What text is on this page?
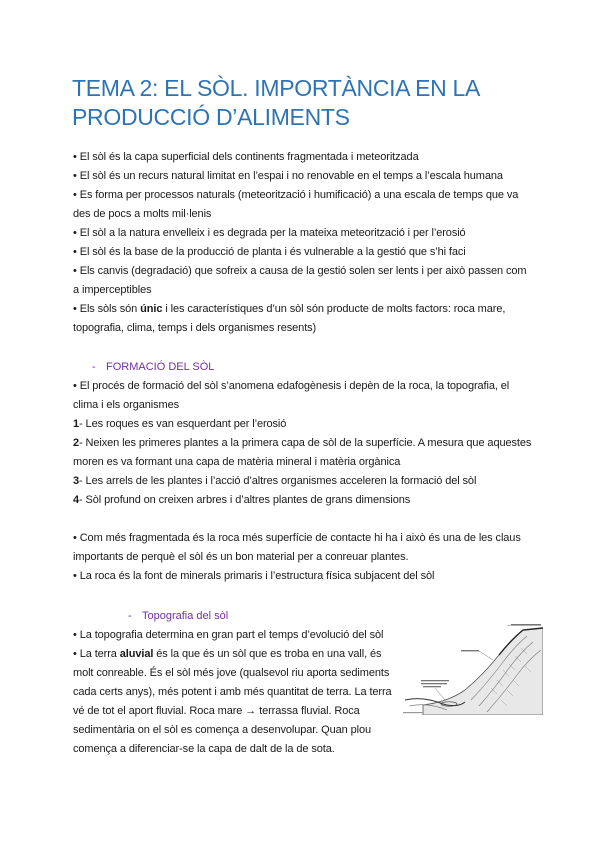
TEMA 2: EL SÒL. IMPORTÀNCIA EN LA PRODUCCIÓ D’ALIMENTS

• El sòl és la capa superficial dels continents fragmentada i meteoritzada

• El sòl és un recurs natural limitat en l’espai i no renovable en el temps a l’escala humana

• Es forma per processos naturals (meteorització i humificació) a una escala de temps que va des de pocs a molts mil·lenis

• El sòl a la natura envelleix i es degrada per la mateixa meteorització i per l’erosió

• El sòl és la base de la producció de planta i és vulnerable a la gestió que s’hi faci

• Els canvis (degradació) que sofreix a causa de la gestió solen ser lents i per això passen com a imperceptibles

• Els sòls són únic i les característiques d’un sòl són producte de molts factors: roca mare, topografia, clima, temps i dels organismes resents)

- FORMACIÓ DEL SÒL

• El procés de formació del sòl s’anomena edafogènesis i depèn de la roca, la topografia, el clima i els organismes

1- Les roques es van esquerdant per l’erosió

2- Neixen les primeres plantes a la primera capa de sòl de la superfície. A mesura que aquestes moren es va formant una capa de matèria mineral i matèria orgànica

3- Les arrels de les plantes i l’acció d’altres organismes acceleren la formació del sòl

4- Sòl profund on creixen arbres i d’altres plantes de grans dimensions

• Com més fragmentada és la roca més superfície de contacte hi ha i això és una de les claus importants de perquè el sòl és un bon material per a conreuar plantes.

• La roca és la font de minerals primaris i l’estructura física subjacent del sòl

- Topografia del sòl

• La topografia determina en gran part el temps d’evolució del sòl

• La terra aluvial és la que és un sòl que es troba en una vall, és molt conreable. És el sòl més jove (qualsevol riu aporta sediments cada certs anys), més potent i amb més quantitat de terra. La terra vé de tot el aport fluvial. Roca mare → terrassa fluvial. Roca sedimentària on el sòl es comença a desenvolupar. Quan plou comença a diferenciar-se la capa de dalt de la de sota.
